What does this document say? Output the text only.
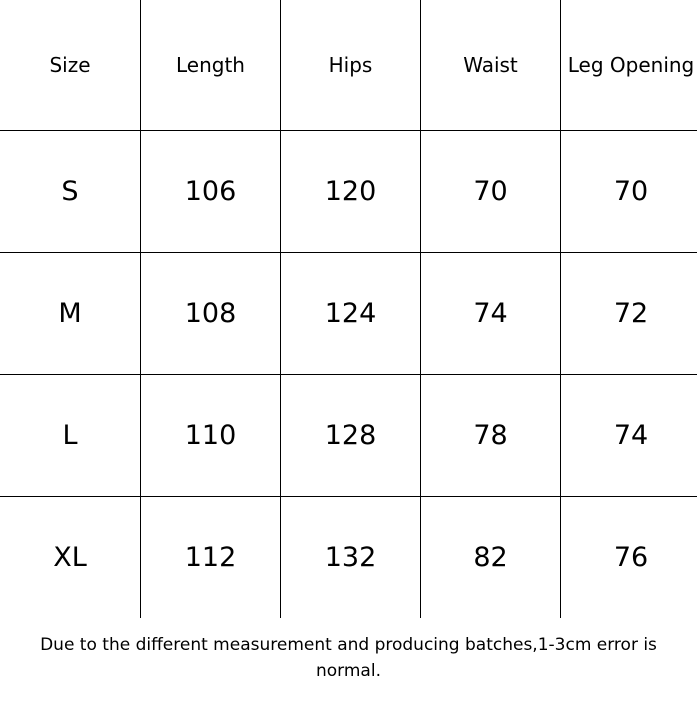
Size	Length	Hips	Waist	Leg Opening
S	106	120	70	70
M	108	124	74	72
L	110	128	78	74
XL	112	132	82	76
Due to the different measurement and producing batches,1-3cm error is normal.
